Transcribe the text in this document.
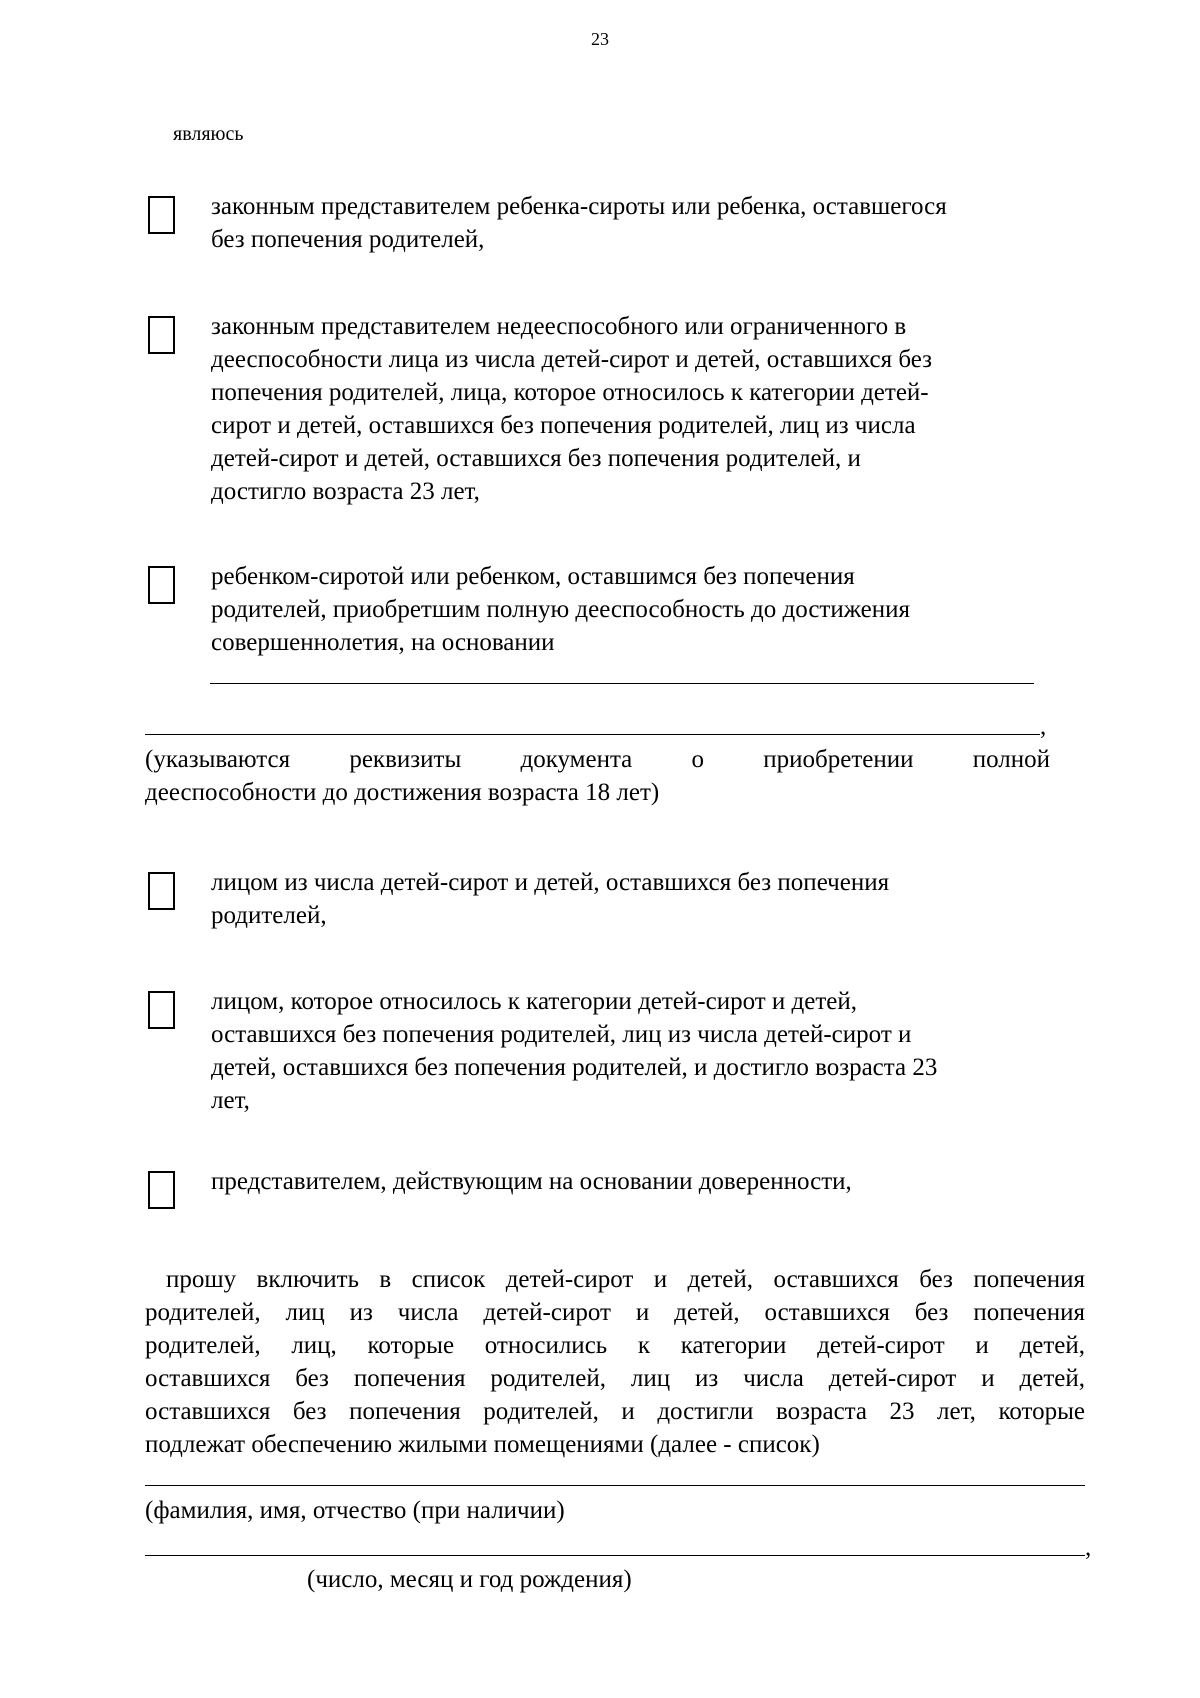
23
являюсь
законным представителем ребенка-сироты или ребенка, оставшегося
без попечения родителей,
законным представителем недееспособного или ограниченного в
дееспособности лица из числа детей-сирот и детей, оставшихся без
попечения родителей, лица, которое относилось к категории детей-
сирот и детей, оставшихся без попечения родителей, лиц из числа
детей-сирот и детей, оставшихся без попечения родителей, и
достигло возраста 23 лет,
ребенком-сиротой или ребенком, оставшимся без попечения
родителей, приобретшим полную дееспособность до достижения
совершеннолетия, на основании
,
(указываются реквизиты документа о приобретении полной
дееспособности до достижения возраста 18 лет)
лицом из числа детей-сирот и детей, оставшихся без попечения
родителей,
лицом, которое относилось к категории детей-сирот и детей,
оставшихся без попечения родителей, лиц из числа детей-сирот и
детей, оставшихся без попечения родителей, и достигло возраста 23
лет,
представителем, действующим на основании доверенности,
прошу включить в список детей-сирот и детей, оставшихся без попечения
родителей, лиц из числа детей-сирот и детей, оставшихся без попечения
родителей, лиц, которые относились к категории детей-сирот и детей,
оставшихся без попечения родителей, лиц из числа детей-сирот и детей,
оставшихся без попечения родителей, и достигли возраста 23 лет, которые
подлежат обеспечению жилыми помещениями (далее - список)
(фамилия, имя, отчество (при наличии)
,
(число, месяц и год рождения)
